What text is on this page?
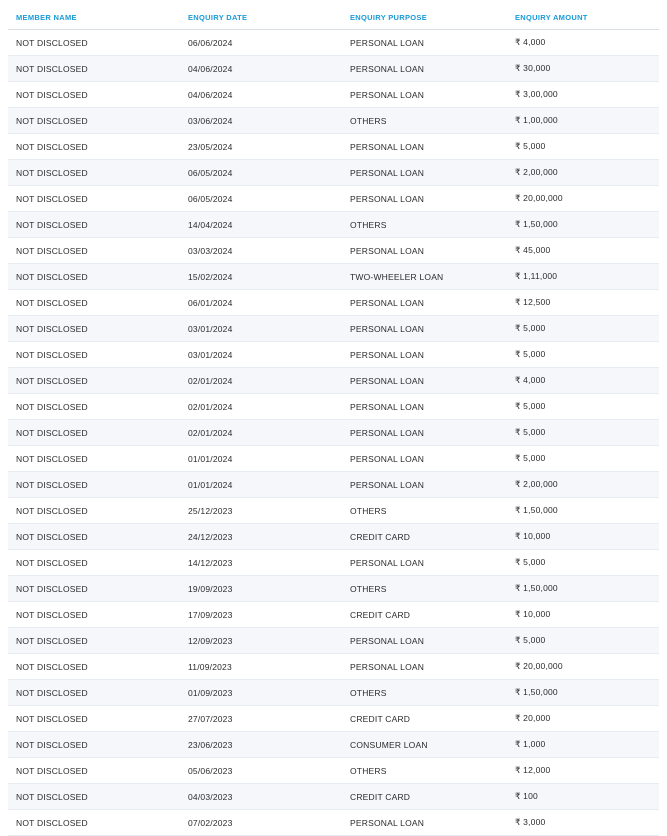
MEMBER NAME	ENQUIRY DATE	ENQUIRY PURPOSE	ENQUIRY AMOUNT
NOT DISCLOSED	06/06/2024	PERSONAL LOAN	₹ 4,000
NOT DISCLOSED	04/06/2024	PERSONAL LOAN	₹ 30,000
NOT DISCLOSED	04/06/2024	PERSONAL LOAN	₹ 3,00,000
NOT DISCLOSED	03/06/2024	OTHERS	₹ 1,00,000
NOT DISCLOSED	23/05/2024	PERSONAL LOAN	₹ 5,000
NOT DISCLOSED	06/05/2024	PERSONAL LOAN	₹ 2,00,000
NOT DISCLOSED	06/05/2024	PERSONAL LOAN	₹ 20,00,000
NOT DISCLOSED	14/04/2024	OTHERS	₹ 1,50,000
NOT DISCLOSED	03/03/2024	PERSONAL LOAN	₹ 45,000
NOT DISCLOSED	15/02/2024	TWO-WHEELER LOAN	₹ 1,11,000
NOT DISCLOSED	06/01/2024	PERSONAL LOAN	₹ 12,500
NOT DISCLOSED	03/01/2024	PERSONAL LOAN	₹ 5,000
NOT DISCLOSED	03/01/2024	PERSONAL LOAN	₹ 5,000
NOT DISCLOSED	02/01/2024	PERSONAL LOAN	₹ 4,000
NOT DISCLOSED	02/01/2024	PERSONAL LOAN	₹ 5,000
NOT DISCLOSED	02/01/2024	PERSONAL LOAN	₹ 5,000
NOT DISCLOSED	01/01/2024	PERSONAL LOAN	₹ 5,000
NOT DISCLOSED	01/01/2024	PERSONAL LOAN	₹ 2,00,000
NOT DISCLOSED	25/12/2023	OTHERS	₹ 1,50,000
NOT DISCLOSED	24/12/2023	CREDIT CARD	₹ 10,000
NOT DISCLOSED	14/12/2023	PERSONAL LOAN	₹ 5,000
NOT DISCLOSED	19/09/2023	OTHERS	₹ 1,50,000
NOT DISCLOSED	17/09/2023	CREDIT CARD	₹ 10,000
NOT DISCLOSED	12/09/2023	PERSONAL LOAN	₹ 5,000
NOT DISCLOSED	11/09/2023	PERSONAL LOAN	₹ 20,00,000
NOT DISCLOSED	01/09/2023	OTHERS	₹ 1,50,000
NOT DISCLOSED	27/07/2023	CREDIT CARD	₹ 20,000
NOT DISCLOSED	23/06/2023	CONSUMER LOAN	₹ 1,000
NOT DISCLOSED	05/06/2023	OTHERS	₹ 12,000
NOT DISCLOSED	04/03/2023	CREDIT CARD	₹ 100
NOT DISCLOSED	07/02/2023	PERSONAL LOAN	₹ 3,000
